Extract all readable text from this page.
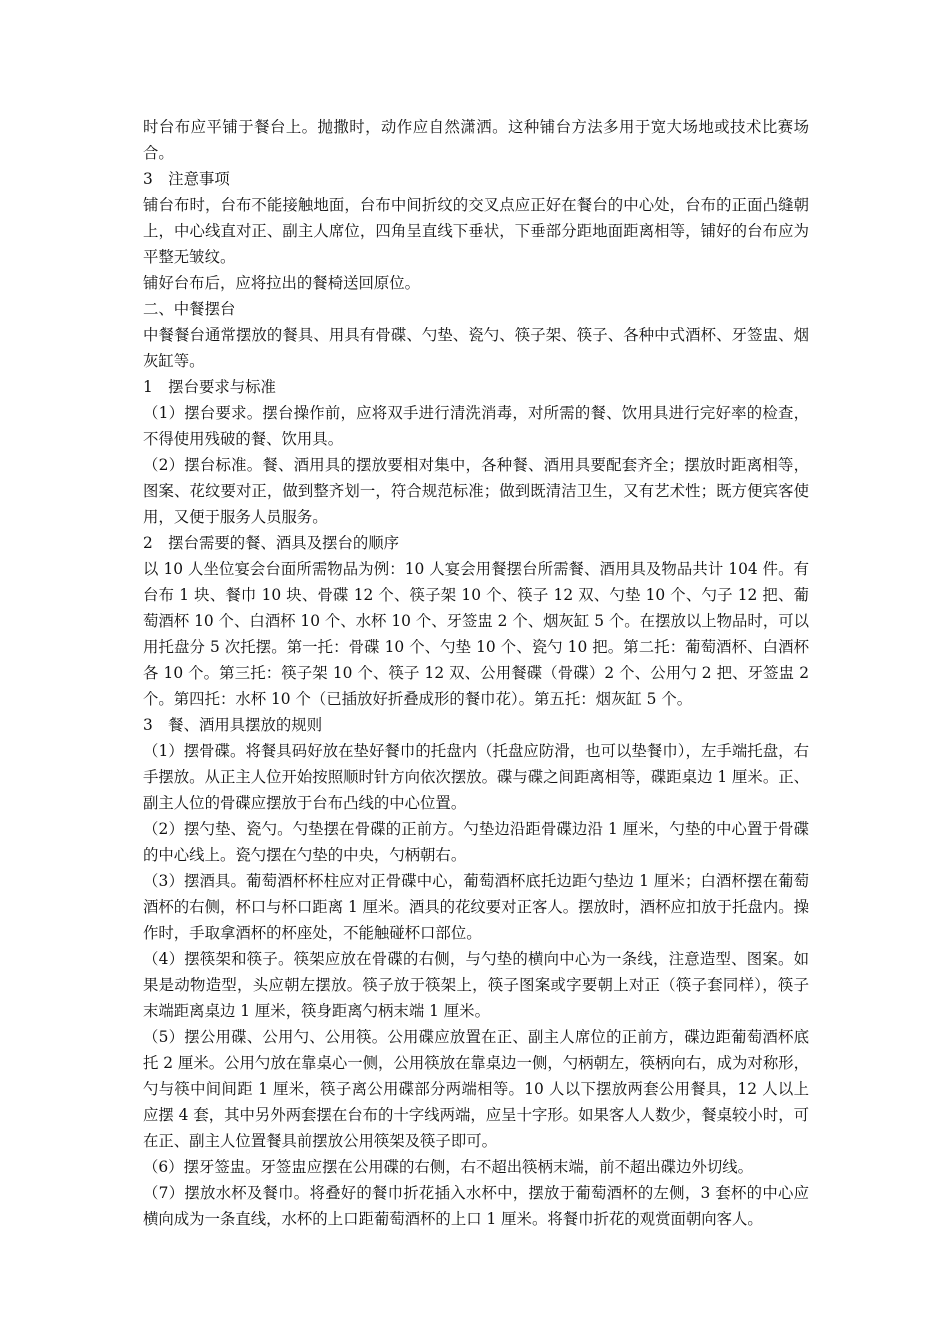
时台布应平铺于餐台上。抛撒时，动作应自然潇洒。这种铺台方法多用于宽大场地或技术比赛场合。

3　注意事项

铺台布时，台布不能接触地面，台布中间折纹的交叉点应正好在餐台的中心处，台布的正面凸缝朝上，中心线直对正、副主人席位，四角呈直线下垂状，下垂部分距地面距离相等，铺好的台布应为平整无皱纹。

铺好台布后，应将拉出的餐椅送回原位。

二、中餐摆台

中餐餐台通常摆放的餐具、用具有骨碟、勺垫、瓷勺、筷子架、筷子、各种中式酒杯、牙签盅、烟灰缸等。

1　摆台要求与标准

（1）摆台要求。摆台操作前，应将双手进行清洗消毒，对所需的餐、饮用具进行完好率的检查，不得使用残破的餐、饮用具。

（2）摆台标准。餐、酒用具的摆放要相对集中，各种餐、酒用具要配套齐全；摆放时距离相等，图案、花纹要对正，做到整齐划一，符合规范标准；做到既清洁卫生，又有艺术性；既方便宾客使用，又便于服务人员服务。

2　摆台需要的餐、酒具及摆台的顺序

以 10 人坐位宴会台面所需物品为例：10 人宴会用餐摆台所需餐、酒用具及物品共计 104 件。有台布 1 块、餐巾 10 块、骨碟 12 个、筷子架 10 个、筷子 12 双、勺垫 10 个、勺子 12 把、葡萄酒杯 10 个、白酒杯 10 个、水杯 10 个、牙签盅 2 个、烟灰缸 5 个。在摆放以上物品时，可以用托盘分 5 次托摆。第一托：骨碟 10 个、勺垫 10 个、瓷勺 10 把。第二托：葡萄酒杯、白酒杯各 10 个。第三托：筷子架 10 个、筷子 12 双、公用餐碟（骨碟）2 个、公用勺 2 把、牙签盅 2 个。第四托：水杯 10 个（已插放好折叠成形的餐巾花）。第五托：烟灰缸 5 个。

3　餐、酒用具摆放的规则

（1）摆骨碟。将餐具码好放在垫好餐巾的托盘内（托盘应防滑，也可以垫餐巾），左手端托盘，右手摆放。从正主人位开始按照顺时针方向依次摆放。碟与碟之间距离相等，碟距桌边 1 厘米。正、副主人位的骨碟应摆放于台布凸线的中心位置。

（2）摆勺垫、瓷勺。勺垫摆在骨碟的正前方。勺垫边沿距骨碟边沿 1 厘米，勺垫的中心置于骨碟的中心线上。瓷勺摆在勺垫的中央，勺柄朝右。

（3）摆酒具。葡萄酒杯杯柱应对正骨碟中心，葡萄酒杯底托边距勺垫边 1 厘米；白酒杯摆在葡萄酒杯的右侧，杯口与杯口距离 1 厘米。酒具的花纹要对正客人。摆放时，酒杯应扣放于托盘内。操作时，手取拿酒杯的杯座处，不能触碰杯口部位。

（4）摆筷架和筷子。筷架应放在骨碟的右侧，与勺垫的横向中心为一条线，注意造型、图案。如果是动物造型，头应朝左摆放。筷子放于筷架上，筷子图案或字要朝上对正（筷子套同样），筷子末端距离桌边 1 厘米，筷身距离勺柄末端 1 厘米。

（5）摆公用碟、公用勺、公用筷。公用碟应放置在正、副主人席位的正前方，碟边距葡萄酒杯底托 2 厘米。公用勺放在靠桌心一侧，公用筷放在靠桌边一侧，勺柄朝左，筷柄向右，成为对称形，勺与筷中间间距 1 厘米，筷子离公用碟部分两端相等。10 人以下摆放两套公用餐具，12 人以上应摆 4 套，其中另外两套摆在台布的十字线两端，应呈十字形。如果客人人数少，餐桌较小时，可在正、副主人位置餐具前摆放公用筷架及筷子即可。

（6）摆牙签盅。牙签盅应摆在公用碟的右侧，右不超出筷柄末端，前不超出碟边外切线。

（7）摆放水杯及餐巾。将叠好的餐巾折花插入水杯中，摆放于葡萄酒杯的左侧，3 套杯的中心应横向成为一条直线，水杯的上口距葡萄酒杯的上口 1 厘米。将餐巾折花的观赏面朝向客人。
